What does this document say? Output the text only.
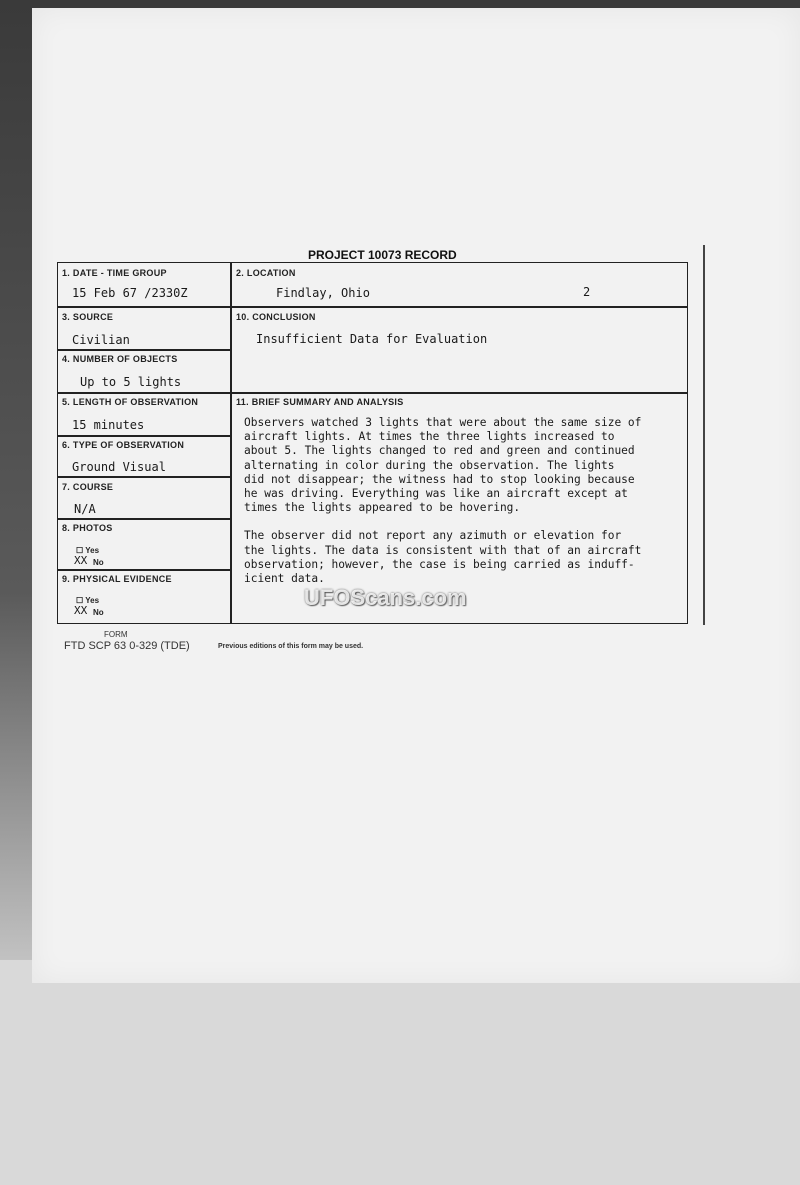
PROJECT 10073 RECORD
1. DATE - TIME GROUP
15 Feb 67 /2330Z
2. LOCATION
Findlay, Ohio	2
3. SOURCE
Civilian
10. CONCLUSION
Insufficient Data for Evaluation
4. NUMBER OF OBJECTS
Up to 5 lights
5. LENGTH OF OBSERVATION
15 minutes
11. BRIEF SUMMARY AND ANALYSIS
6. TYPE OF OBSERVATION
Ground Visual
7. COURSE
N/A
8. PHOTOS
☐ Yes
XX No
9. PHYSICAL EVIDENCE
☐ Yes
XX No
Observers watched 3 lights that were about the same size of
aircraft lights. At times the three lights increased to
about 5. The lights changed to red and green and continued
alternating in color during the observation. The lights
did not disappear; the witness had to stop looking because
he was driving. Everything was like an aircraft except at
times the lights appeared to be hovering.

The observer did not report any azimuth or elevation for
the lights. The data is consistent with that of an aircraft
observation; however, the case is being carried as induff-
icient data.
UFOScans.com
FORM
FTD SCP 63 0-329 (TDE)	Previous editions of this form may be used.
